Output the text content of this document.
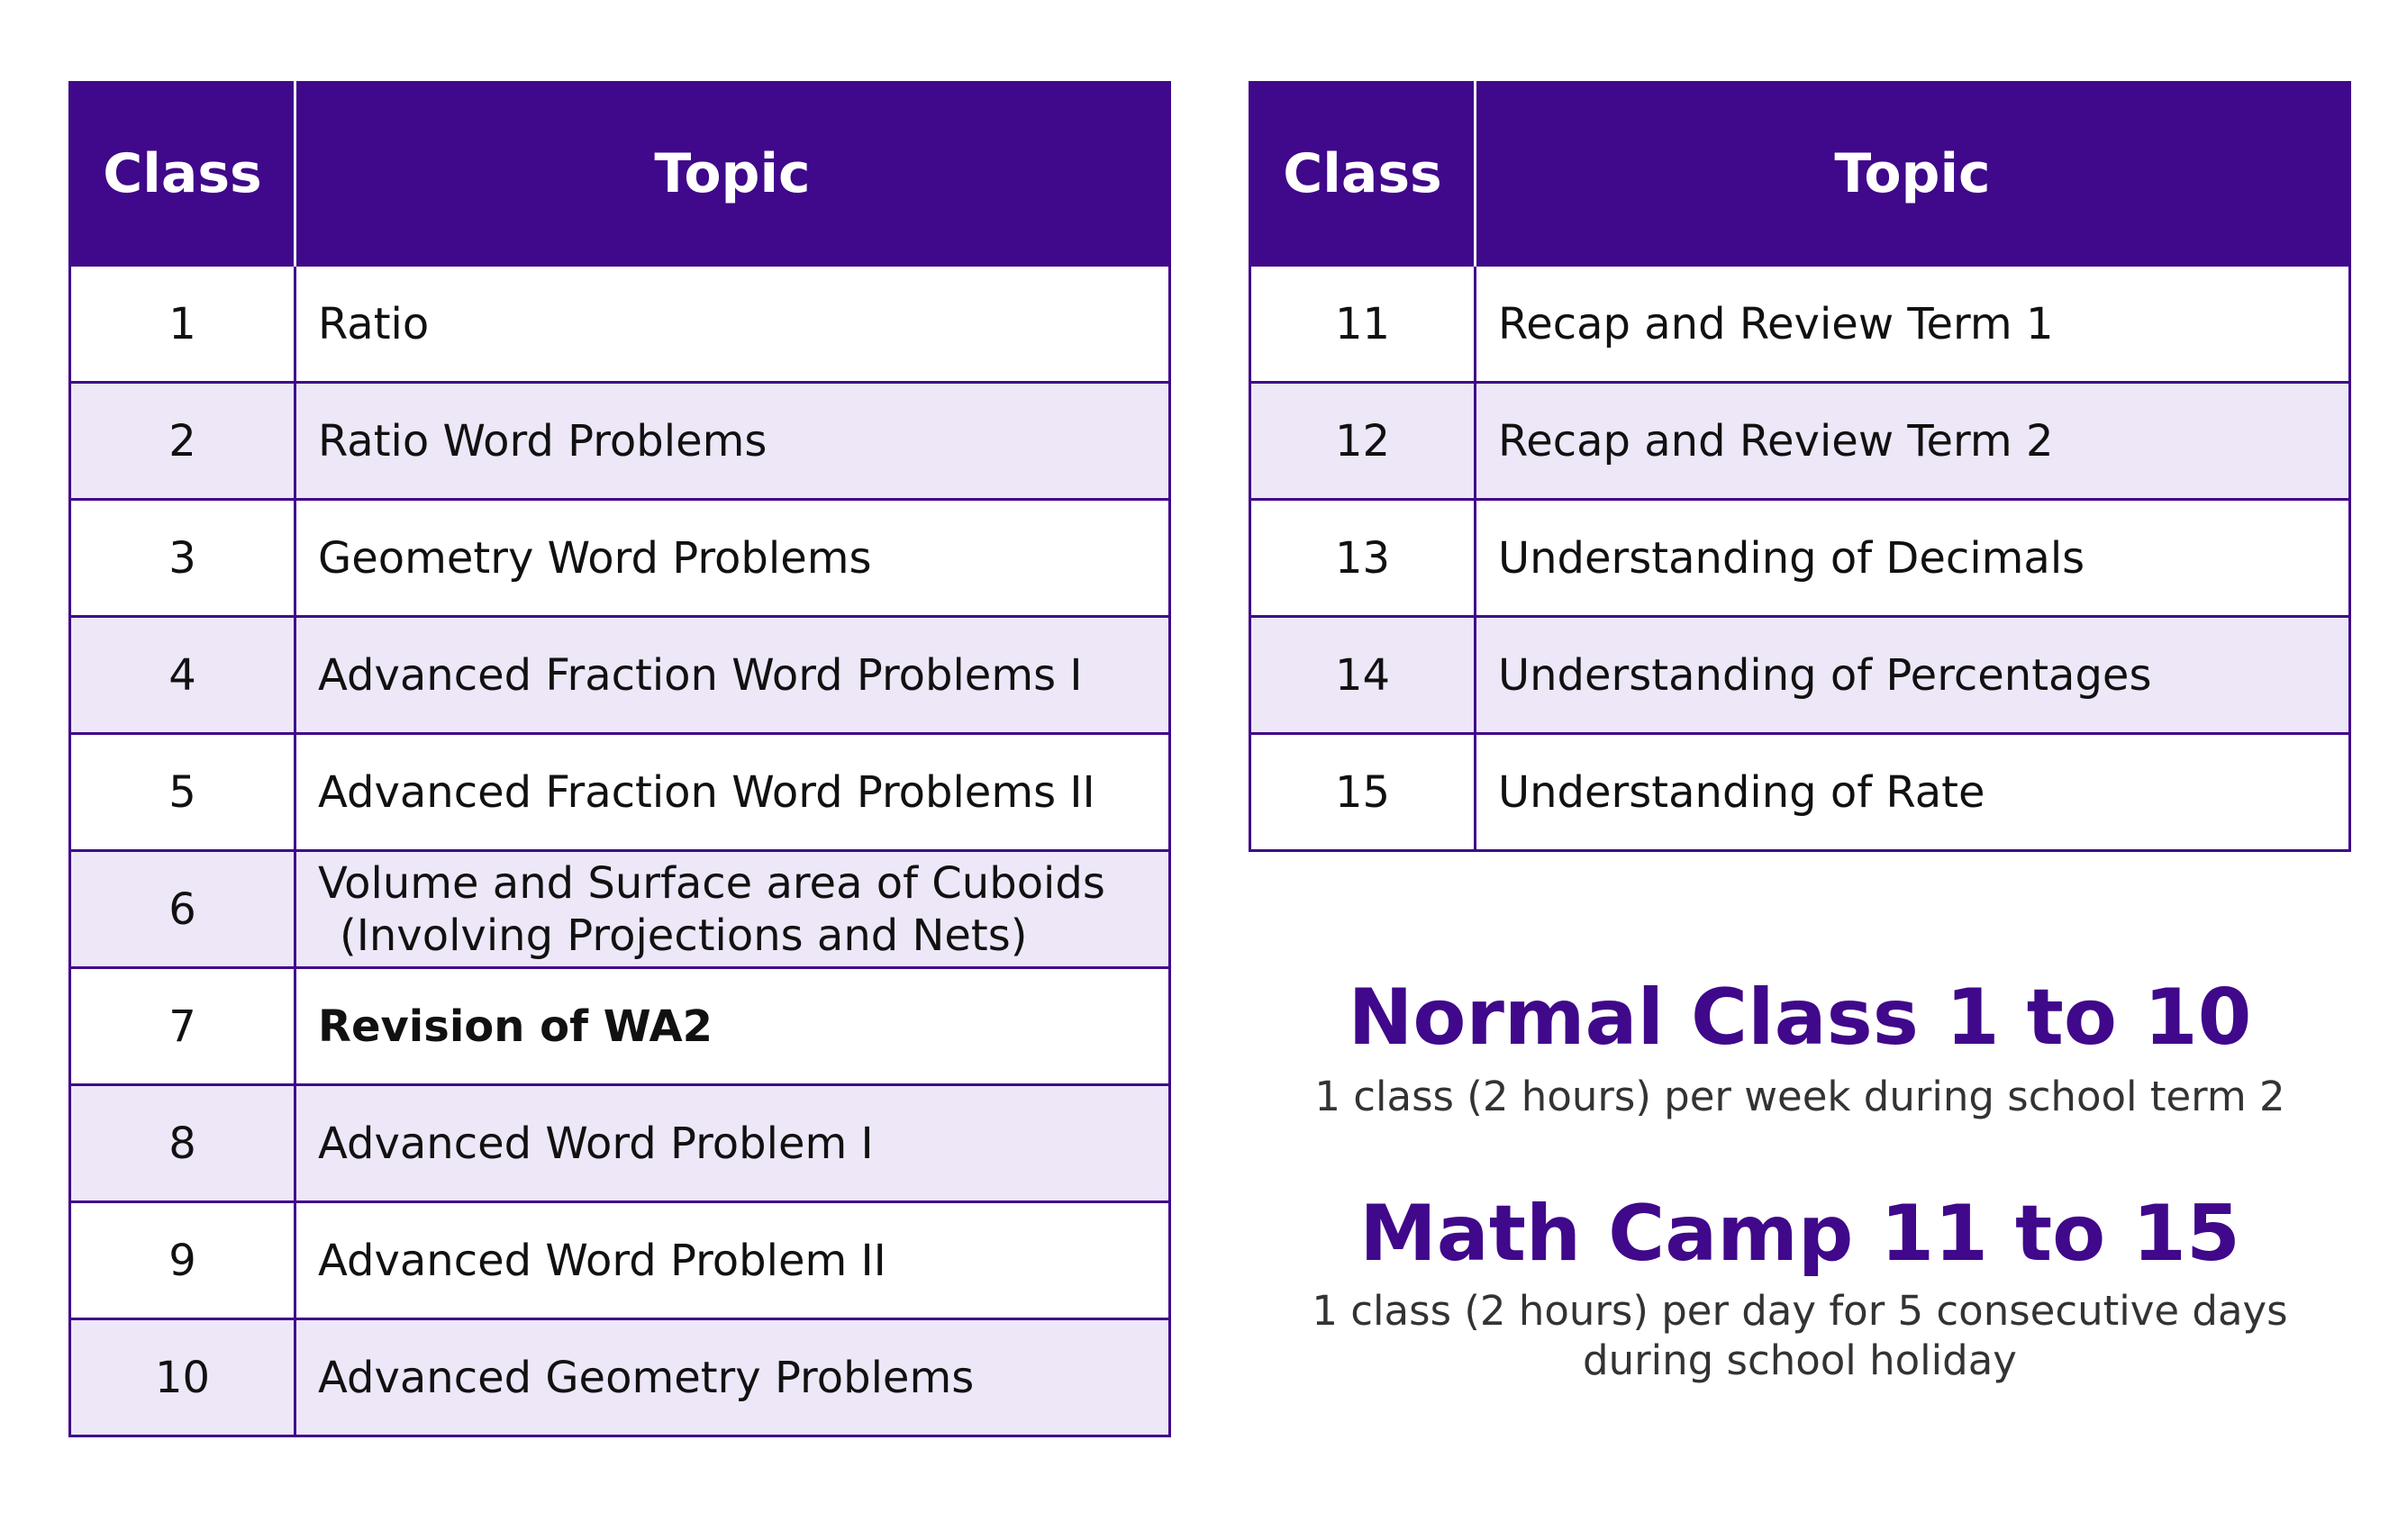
Class	Topic
1	Ratio
2	Ratio Word Problems
3	Geometry Word Problems
4	Advanced Fraction Word Problems I
5	Advanced Fraction Word Problems II
6	Volume and Surface area of Cuboids
(Involving Projections and Nets)
7	Revision of WA2
8	Advanced Word Problem I
9	Advanced Word Problem II
10	Advanced Geometry Problems
Class	Topic
11	Recap and Review Term 1
12	Recap and Review Term 2
13	Understanding of Decimals
14	Understanding of Percentages
15	Understanding of Rate
Normal Class 1 to 10

1 class (2 hours) per week during school term 2

Math Camp 11 to 15

1 class (2 hours) per day for 5 consecutive days
during school holiday
